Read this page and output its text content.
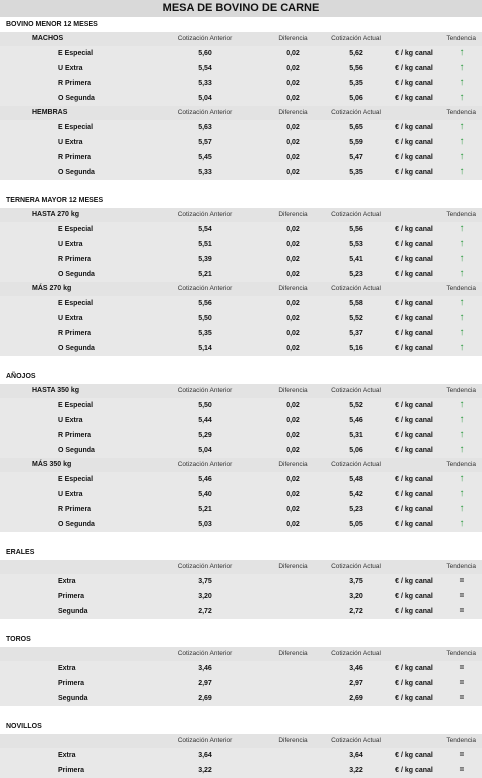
MESA DE BOVINO DE CARNE
BOVINO MENOR 12 MESES					
MACHOS	Cotización Anterior	Diferencia	Cotización Actual		Tendencia
E Especial	5,60	0,02	5,62	€ / kg canal	↑
U Extra	5,54	0,02	5,56	€ / kg canal	↑
R Primera	5,33	0,02	5,35	€ / kg canal	↑
O Segunda	5,04	0,02	5,06	€ / kg canal	↑
HEMBRAS	Cotización Anterior	Diferencia	Cotización Actual		Tendencia
E Especial	5,63	0,02	5,65	€ / kg canal	↑
U Extra	5,57	0,02	5,59	€ / kg canal	↑
R Primera	5,45	0,02	5,47	€ / kg canal	↑
O Segunda	5,33	0,02	5,35	€ / kg canal	↑

TERNERA MAYOR 12 MESES					
HASTA 270 kg	Cotización Anterior	Diferencia	Cotización Actual		Tendencia
E Especial	5,54	0,02	5,56	€ / kg canal	↑
U Extra	5,51	0,02	5,53	€ / kg canal	↑
R Primera	5,39	0,02	5,41	€ / kg canal	↑
O Segunda	5,21	0,02	5,23	€ / kg canal	↑
MÁS 270 kg	Cotización Anterior	Diferencia	Cotización Actual		Tendencia
E Especial	5,56	0,02	5,58	€ / kg canal	↑
U Extra	5,50	0,02	5,52	€ / kg canal	↑
R Primera	5,35	0,02	5,37	€ / kg canal	↑
O Segunda	5,14	0,02	5,16	€ / kg canal	↑

AÑOJOS					
HASTA 350 kg	Cotización Anterior	Diferencia	Cotización Actual		Tendencia
E Especial	5,50	0,02	5,52	€ / kg canal	↑
U Extra	5,44	0,02	5,46	€ / kg canal	↑
R Primera	5,29	0,02	5,31	€ / kg canal	↑
O Segunda	5,04	0,02	5,06	€ / kg canal	↑
MÁS 350 kg	Cotización Anterior	Diferencia	Cotización Actual		Tendencia
E Especial	5,46	0,02	5,48	€ / kg canal	↑
U Extra	5,40	0,02	5,42	€ / kg canal	↑
R Primera	5,21	0,02	5,23	€ / kg canal	↑
O Segunda	5,03	0,02	5,05	€ / kg canal	↑

ERALES					
	Cotización Anterior	Diferencia	Cotización Actual		Tendencia
Extra	3,75		3,75	€ / kg canal	=
Primera	3,20		3,20	€ / kg canal	=
Segunda	2,72		2,72	€ / kg canal	=

TOROS					
	Cotización Anterior	Diferencia	Cotización Actual		Tendencia
Extra	3,46		3,46	€ / kg canal	=
Primera	2,97		2,97	€ / kg canal	=
Segunda	2,69		2,69	€ / kg canal	=

NOVILLOS					
	Cotización Anterior	Diferencia	Cotización Actual		Tendencia
Extra	3,64		3,64	€ / kg canal	=
Primera	3,22		3,22	€ / kg canal	=
